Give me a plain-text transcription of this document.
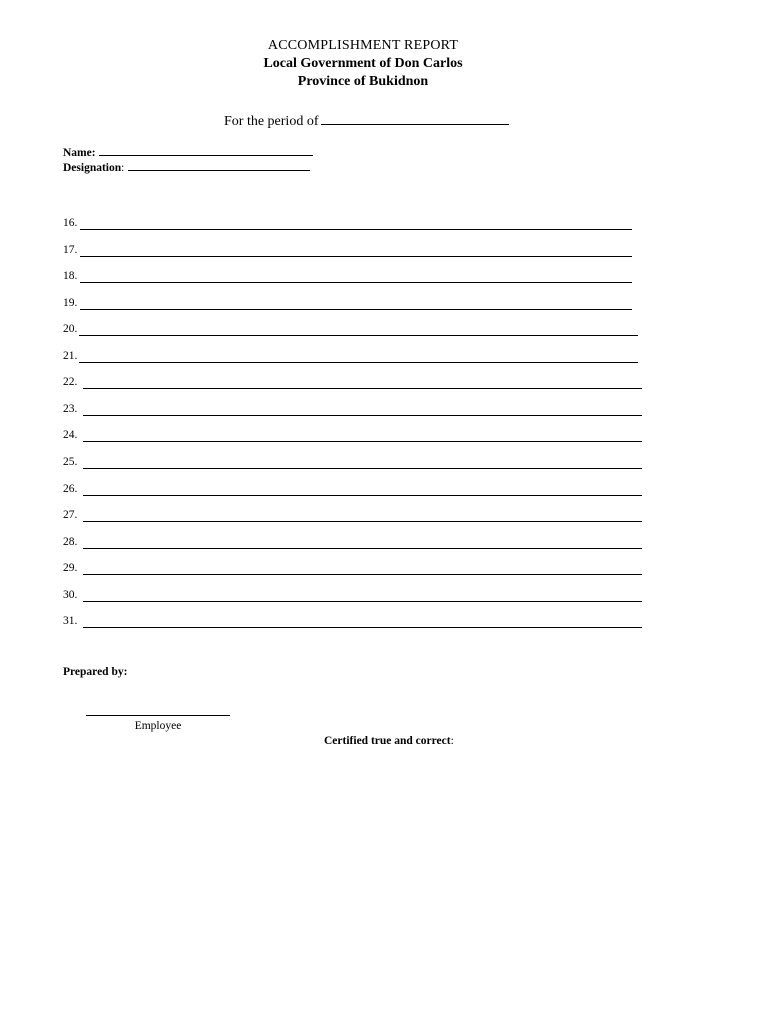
ACCOMPLISHMENT REPORT
Local Government of Don Carlos
Province of Bukidnon
For the period of
Name:
Designation:
16.
17.
18.
19.
20.
21.
22.
23.
24.
25.
26.
27.
28.
29.
30.
31.
Prepared by:
Employee
Certified true and correct:
